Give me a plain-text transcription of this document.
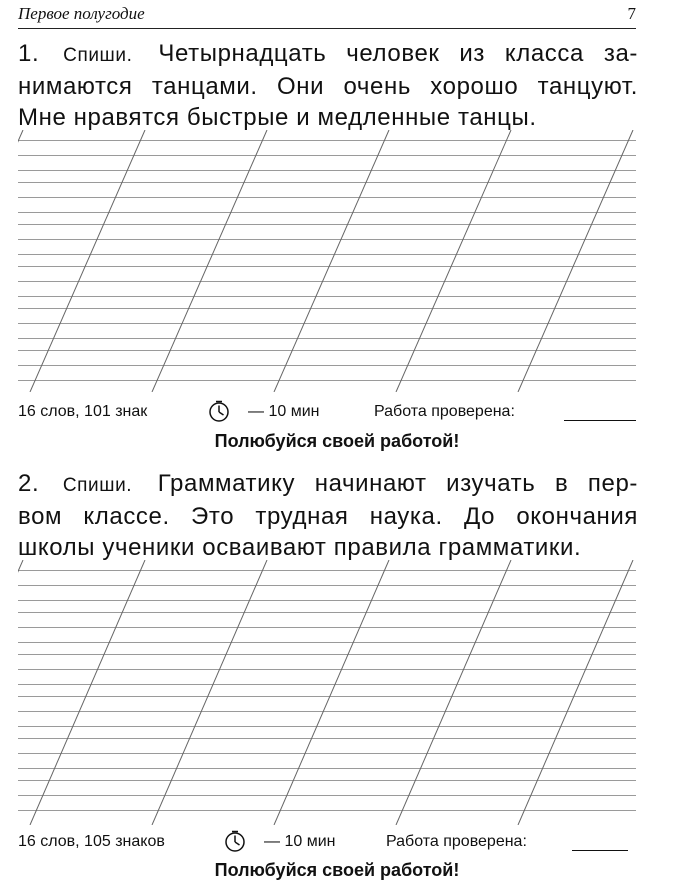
Первое полугодие	7
1. Спиши. Четырнадцать человек из класса за-
нимаются танцами. Они очень хорошо танцуют.
Мне нравятся быстрые и медленные танцы.
16 слов, 101 знак	— 10 мин	Работа проверена:
Полюбуйся своей работой!
2. Спиши. Грамматику начинают изучать в пер-
вом классе. Это трудная наука. До окончания
школы ученики осваивают правила грамматики.
16 слов, 105 знаков	— 10 мин	Работа проверена:
Полюбуйся своей работой!
